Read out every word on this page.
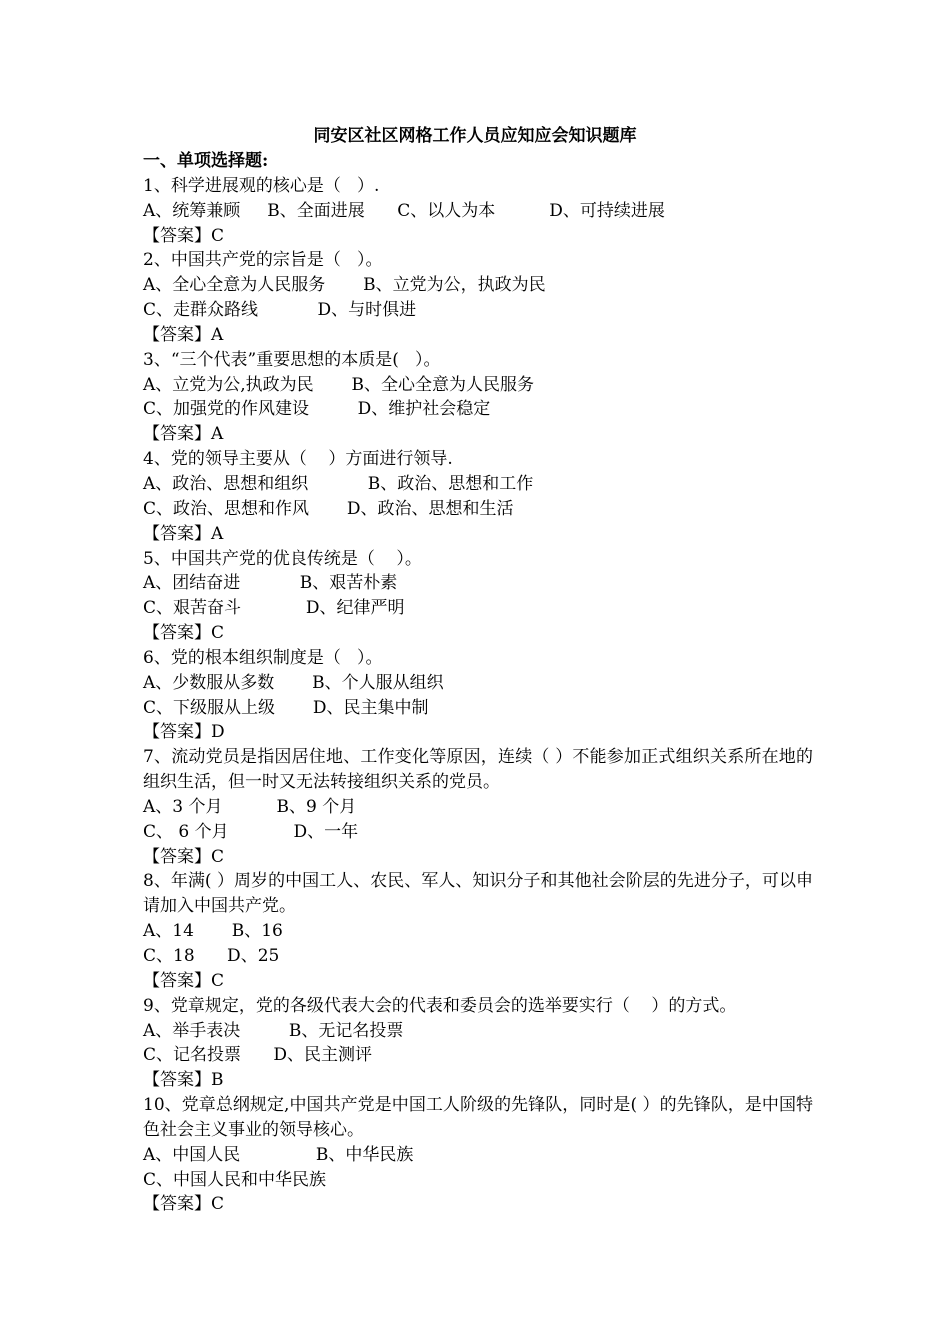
同安区社区网格工作人员应知应会知识题库
一、单项选择题:
1、科学进展观的核心是（   ）.
A、统筹兼顾     B、全面进展      C、以人为本          D、可持续进展
【答案】C
2、中国共产党的宗旨是（   ）。
A、全心全意为人民服务       B、立党为公，执政为民
C、走群众路线           D、与时俱进
【答案】A
3、“三个代表”重要思想的本质是(   ）。
A、立党为公,执政为民       B、全心全意为人民服务
C、加强党的作风建设         D、维护社会稳定
【答案】A
4、党的领导主要从（    ）方面进行领导.
A、政治、思想和组织           B、政治、思想和工作
C、政治、思想和作风       D、政治、思想和生活
【答案】A
5、中国共产党的优良传统是（    ）。
A、团结奋进           B、艰苦朴素
C、艰苦奋斗            D、纪律严明
【答案】C
6、党的根本组织制度是（   ）。
A、少数服从多数       B、个人服从组织
C、下级服从上级       D、民主集中制
【答案】D
7、流动党员是指因居住地、工作变化等原因，连续（ ）不能参加正式组织关系所在地的组织生活，但一时又无法转接组织关系的党员。
A、3 个月          B、9 个月
C、 6 个月            D、一年
【答案】C
8、年满( ）周岁的中国工人、农民、军人、知识分子和其他社会阶层的先进分子，可以申请加入中国共产党。
A、14       B、16
C、18      D、25
【答案】C
9、党章规定，党的各级代表大会的代表和委员会的选举要实行（    ）的方式。
A、举手表决         B、无记名投票
C、记名投票      D、民主测评
【答案】B
10、党章总纲规定,中国共产党是中国工人阶级的先锋队，同时是( ）的先锋队，是中国特色社会主义事业的领导核心。
A、中国人民              B、中华民族
C、中国人民和中华民族
【答案】C
